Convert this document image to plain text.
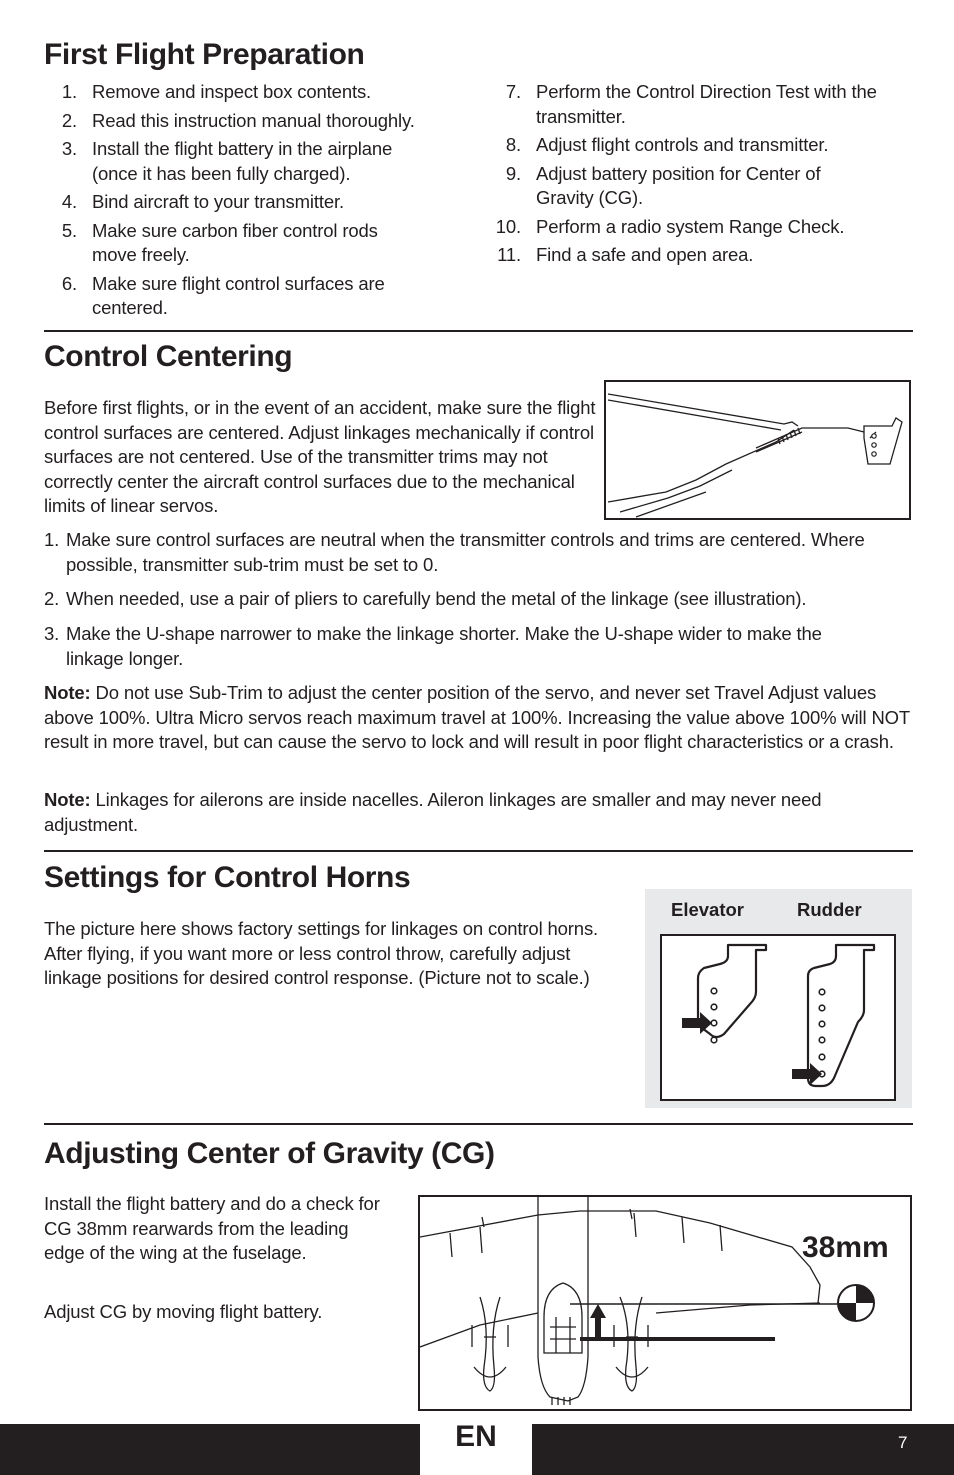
First Flight Preparation
1. Remove and inspect box contents.
2. Read this instruction manual thoroughly.
3. Install the flight battery in the airplane (once it has been fully charged).
4. Bind aircraft to your transmitter.
5. Make sure carbon fiber control rods move freely.
6. Make sure flight control surfaces are centered.
7. Perform the Control Direction Test with the transmitter.
8. Adjust flight controls and transmitter.
9. Adjust battery position for Center of Gravity (CG).
10. Perform a radio system Range Check.
11. Find a safe and open area.
Control Centering

Before first flights, or in the event of an accident, make sure the flight control surfaces are centered. Adjust linkages mechanically if control surfaces are not centered. Use of the transmitter trims may not correctly center the aircraft control surfaces due to the mechanical limits of linear servos.

1. Make sure control surfaces are neutral when the transmitter controls and trims are centered. Where possible, transmitter sub-trim must be set to 0.
2. When needed, use a pair of pliers to carefully bend the metal of the linkage (see illustration).
3. Make the U-shape narrower to make the linkage shorter. Make the U-shape wider to make the linkage longer.

Note: Do not use Sub-Trim to adjust the center position of the servo, and never set Travel Adjust values above 100%. Ultra Micro servos reach maximum travel at 100%. Increasing the value above 100% will NOT result in more travel, but can cause the servo to lock and will result in poor flight characteristics or a crash.

Note: Linkages for ailerons are inside nacelles. Aileron linkages are smaller and may never need adjustment.

Settings for Control Horns

The picture here shows factory settings for linkages on control horns. After flying, if you want more or less control throw, carefully adjust linkage positions for desired control response. (Picture not to scale.)

Elevator	Rudder
Adjusting Center of Gravity (CG)

Install the flight battery and do a check for CG 38mm rearwards from the leading edge of the wing at the fuselage.

Adjust CG by moving flight battery.

38mm
EN	7
